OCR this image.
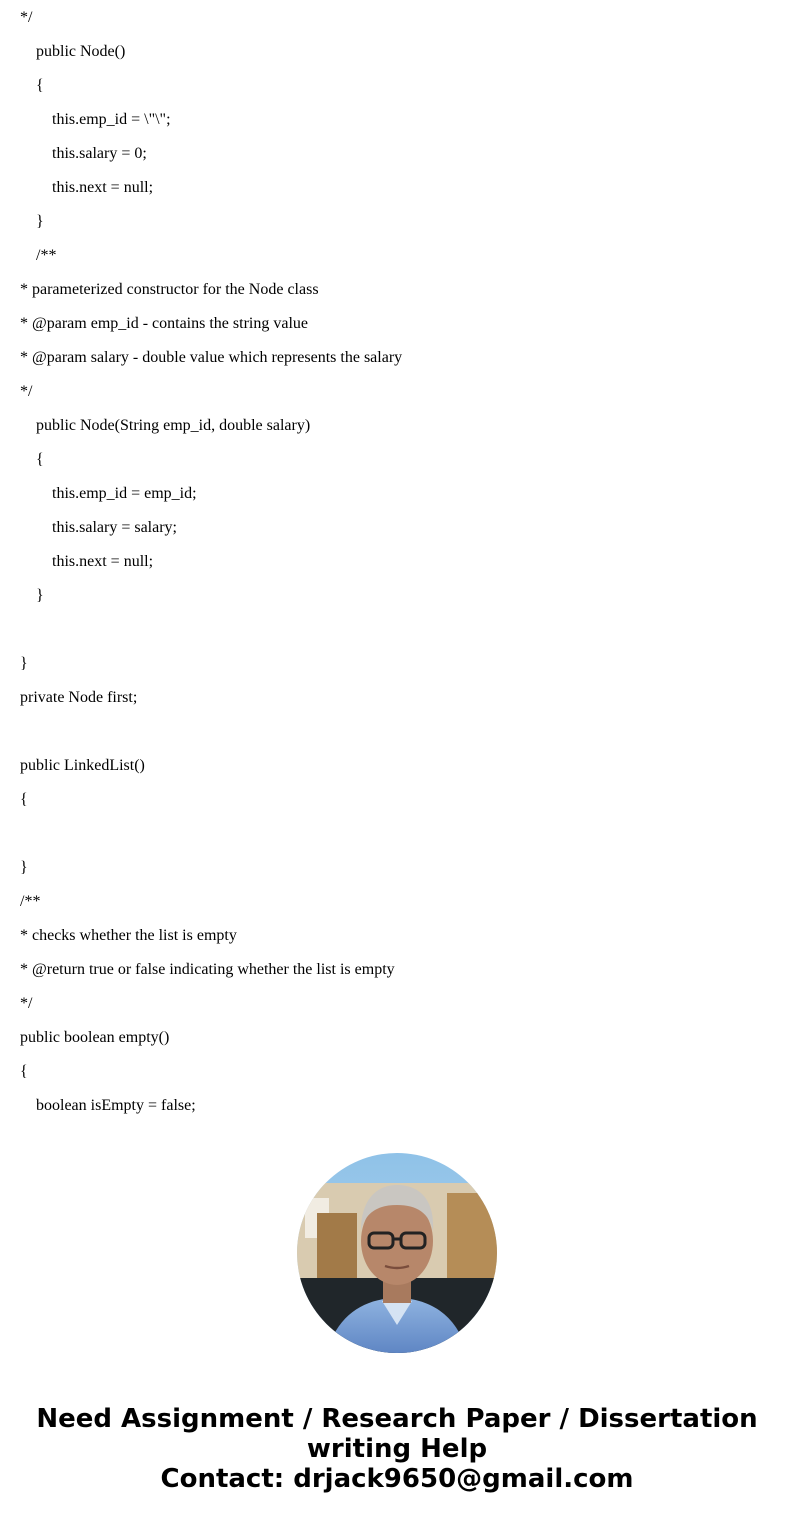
*/

public Node()

{

this.emp_id = \"\";

this.salary = 0;

this.next = null;

}

/**

* parameterized constructor for the Node class

* @param emp_id - contains the string value

* @param salary - double value which represents the salary

*/

public Node(String emp_id, double salary)

{

this.emp_id = emp_id;

this.salary = salary;

this.next = null;

}

}

private Node first;

public LinkedList()

{

}

/**

* checks whether the list is empty

* @return true or false indicating whether the list is empty

*/

public boolean empty()

{

boolean isEmpty = false;

Need Assignment / Research Paper / Dissertation
writing Help
Contact: drjack9650@gmail.com
